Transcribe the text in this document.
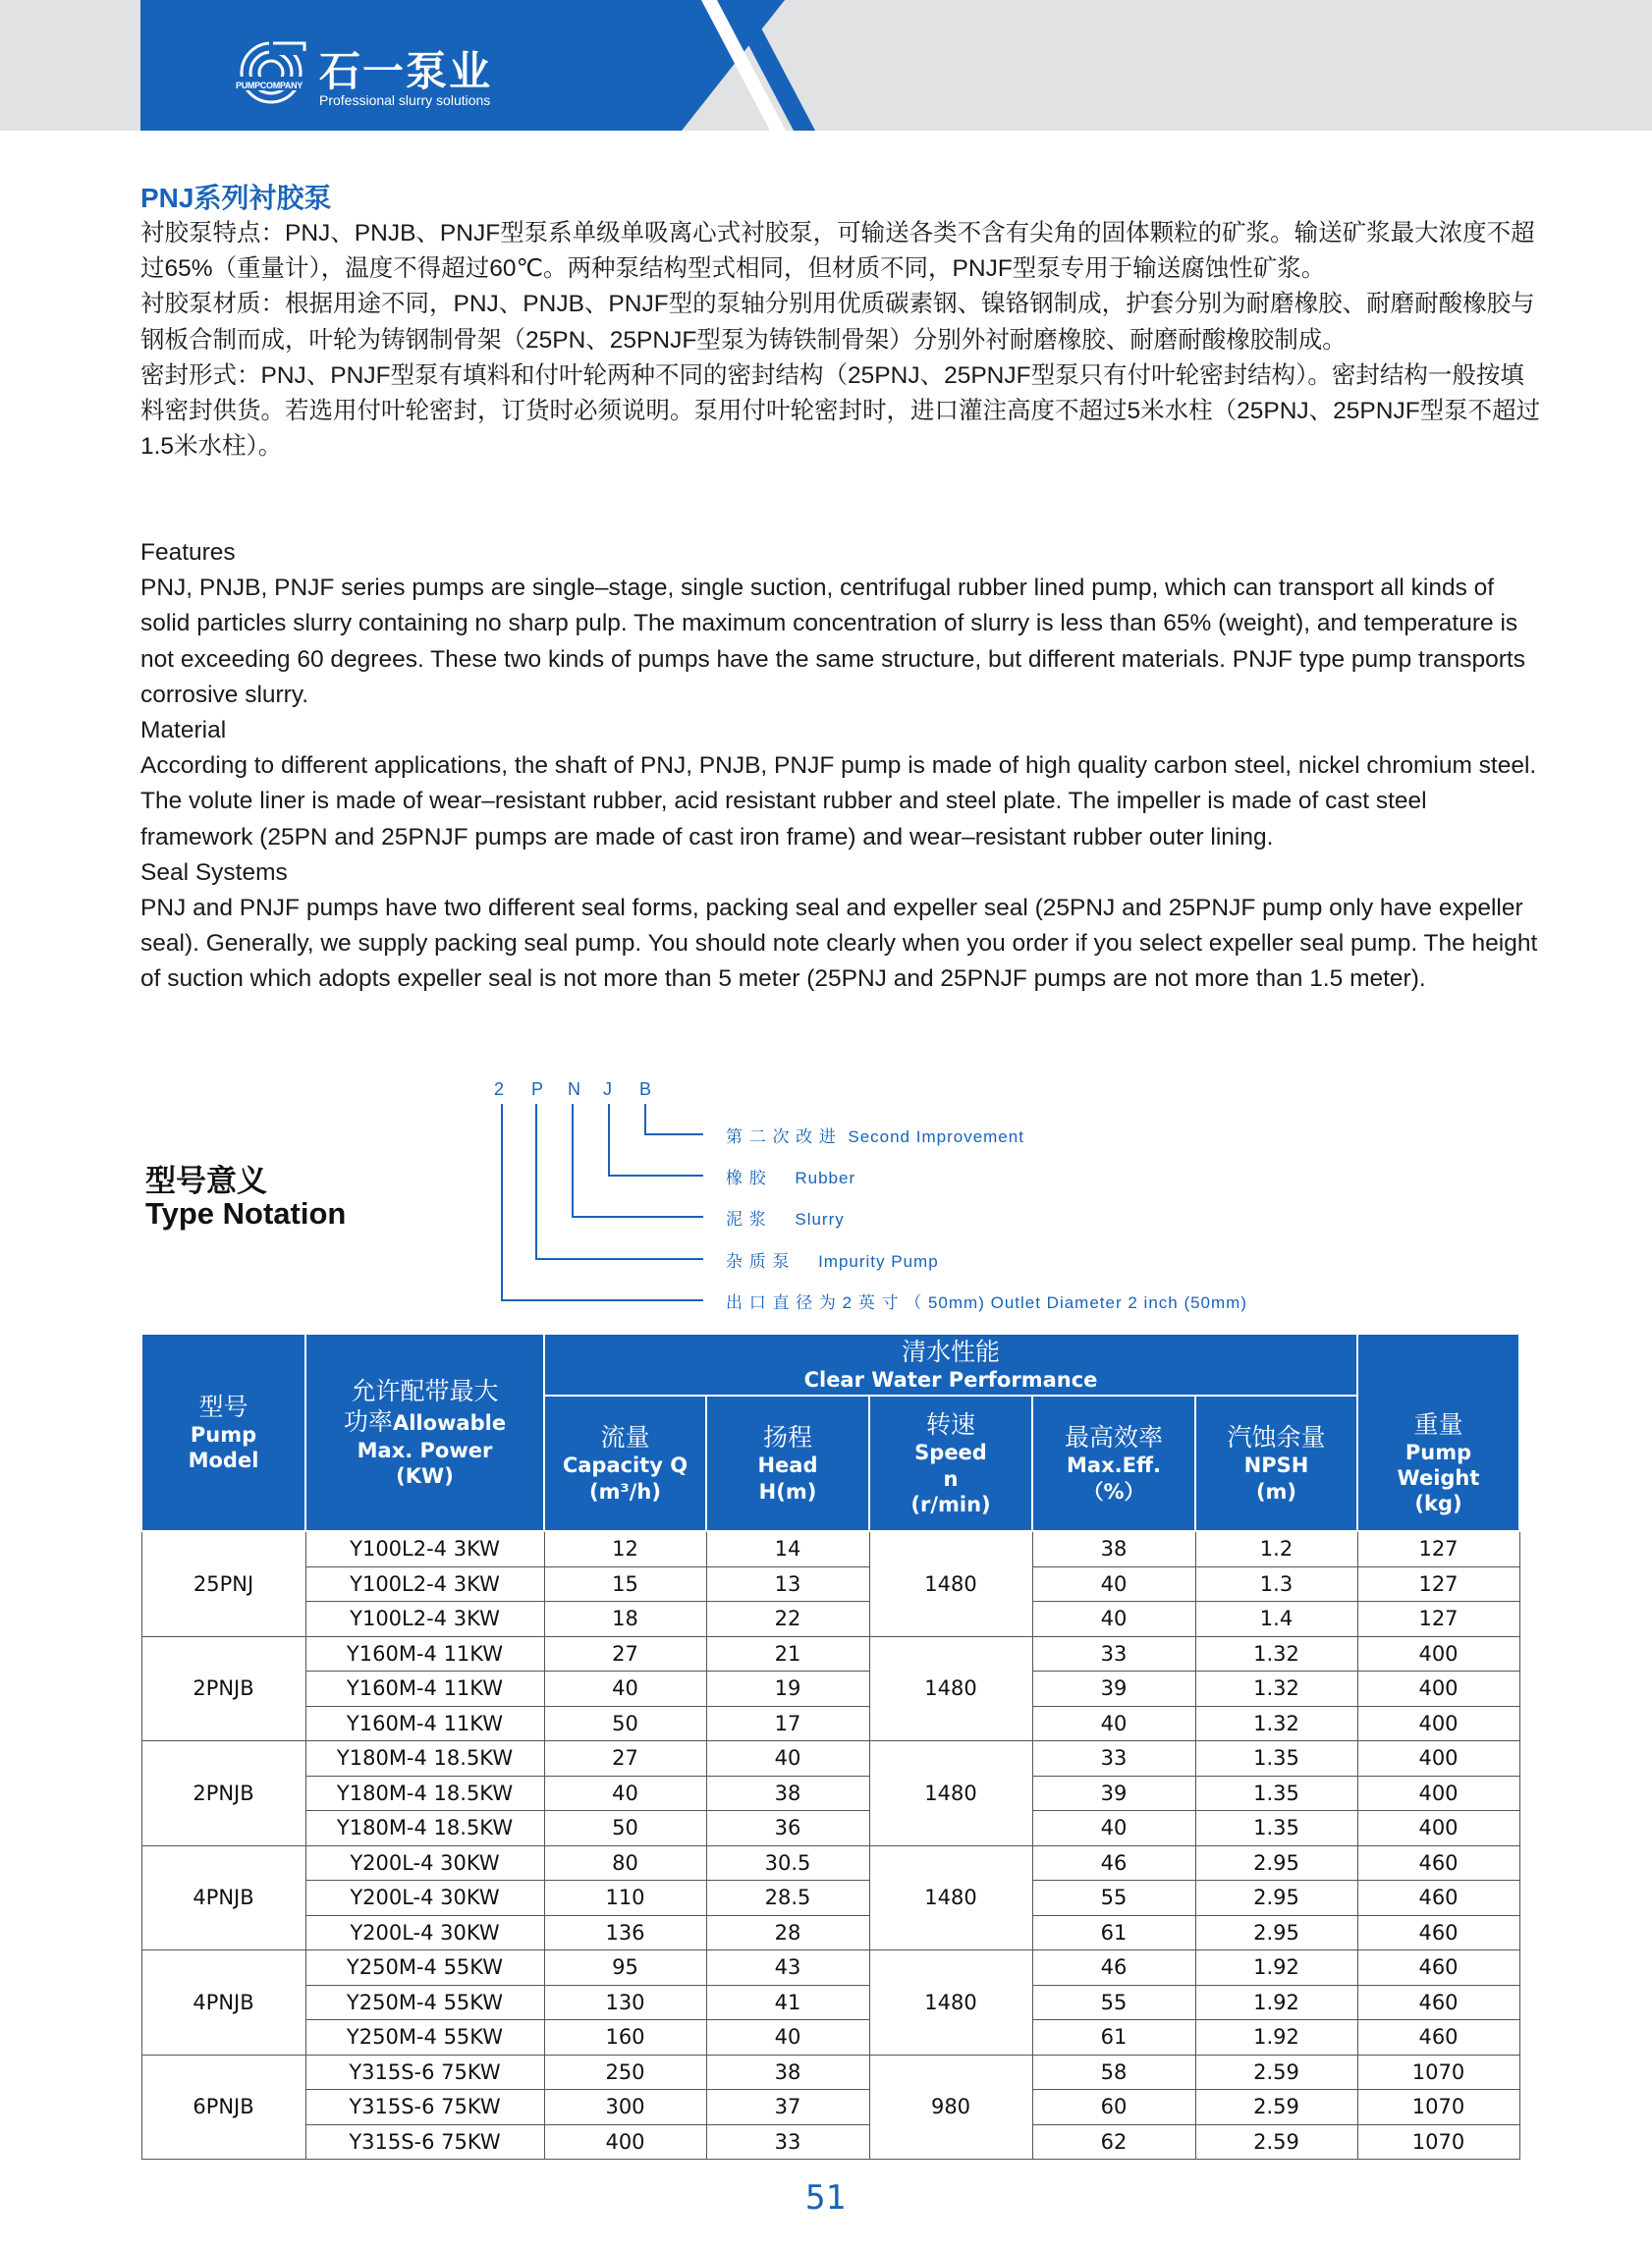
PUMPCOMPANY 石一泵业
Professional slurry solutions
PNJ系列衬胶泵

衬胶泵特点：PNJ、PNJB、PNJF型泵系单级单吸离心式衬胶泵，可输送各类不含有尖角的固体颗粒的矿浆。输送矿浆最大浓度不超过65%（重量计），温度不得超过60℃。两种泵结构型式相同，但材质不同，PNJF型泵专用于输送腐蚀性矿浆。

衬胶泵材质：根据用途不同，PNJ、PNJB、PNJF型的泵轴分别用优质碳素钢、镍铬钢制成，护套分别为耐磨橡胶、耐磨耐酸橡胶与钢板合制而成，叶轮为铸钢制骨架（25PN、25PNJF型泵为铸铁制骨架）分别外衬耐磨橡胶、耐磨耐酸橡胶制成。

密封形式：PNJ、PNJF型泵有填料和付叶轮两种不同的密封结构（25PNJ、25PNJF型泵只有付叶轮密封结构）。密封结构一般按填料密封供货。若选用付叶轮密封，订货时必须说明。泵用付叶轮密封时，进口灌注高度不超过5米水柱（25PNJ、25PNJF型泵不超过1.5米水柱）。

Features

PNJ, PNJB, PNJF series pumps are single–stage, single suction, centrifugal rubber lined pump, which can transport all kinds of solid particles slurry containing no sharp pulp. The maximum concentration of slurry is less than 65% (weight), and temperature is not exceeding 60 degrees. These two kinds of pumps have the same structure, but different materials. PNJF type pump transports corrosive slurry.

Material

According to different applications, the shaft of PNJ, PNJB, PNJF pump is made of high quality carbon steel, nickel chromium steel. The volute liner is made of wear–resistant rubber, acid resistant rubber and steel plate. The impeller is made of cast steel framework (25PN and 25PNJF pumps are made of cast iron frame) and wear–resistant rubber outer lining.

Seal Systems

PNJ and PNJF pumps have two different seal forms, packing seal and expeller seal (25PNJ and 25PNJF pump only have expeller seal). Generally, we supply packing seal pump. You should note clearly when you order if you select expeller seal pump. The height of suction which adopts expeller seal is not more than 5 meter (25PNJ and 25PNJF pumps are not more than 1.5 meter).

型号意义
Type Notation
2 P N J B
第 二 次 改 进 Second Improvement
橡 胶 Rubber
泥 浆 Slurry
杂 质 泵 Impurity Pump
出 口 直 径 为 2 英 寸 （ 50mm) Outlet Diameter 2 inch (50mm)
型号
Pump
Model	允许配带最大
功率Allowable
Max. Power
(KW)	清水性能
Clear Water Performance					

		流量
Capacity Q
(m³/h)	扬程
Head
H(m)	转速
Speed
n
(r/min)	最高效率
Max.Eff.
（%）	汽蚀余量
NPSH
(m)	重量
Pump
Weight
(kg)

25PNJ	Y100L2-4 3KW	12	14	1480	38	1.2	127
	Y100L2-4 3KW	15	13		40	1.3	127
	Y100L2-4 3KW	18	22		40	1.4	127
2PNJB	Y160M-4 11KW	27	21	1480	33	1.32	400
	Y160M-4 11KW	40	19		39	1.32	400
	Y160M-4 11KW	50	17		40	1.32	400
2PNJB	Y180M-4 18.5KW	27	40	1480	33	1.35	400
	Y180M-4 18.5KW	40	38		39	1.35	400
	Y180M-4 18.5KW	50	36		40	1.35	400
4PNJB	Y200L-4 30KW	80	30.5	1480	46	2.95	460
	Y200L-4 30KW	110	28.5		55	2.95	460
	Y200L-4 30KW	136	28		61	2.95	460
4PNJB	Y250M-4 55KW	95	43	1480	46	1.92	460
	Y250M-4 55KW	130	41		55	1.92	460
	Y250M-4 55KW	160	40		61	1.92	460
6PNJB	Y315S-6 75KW	250	38	980	58	2.59	1070
	Y315S-6 75KW	300	37		60	2.59	1070
	Y315S-6 75KW	400	33		62	2.59	1070
51
